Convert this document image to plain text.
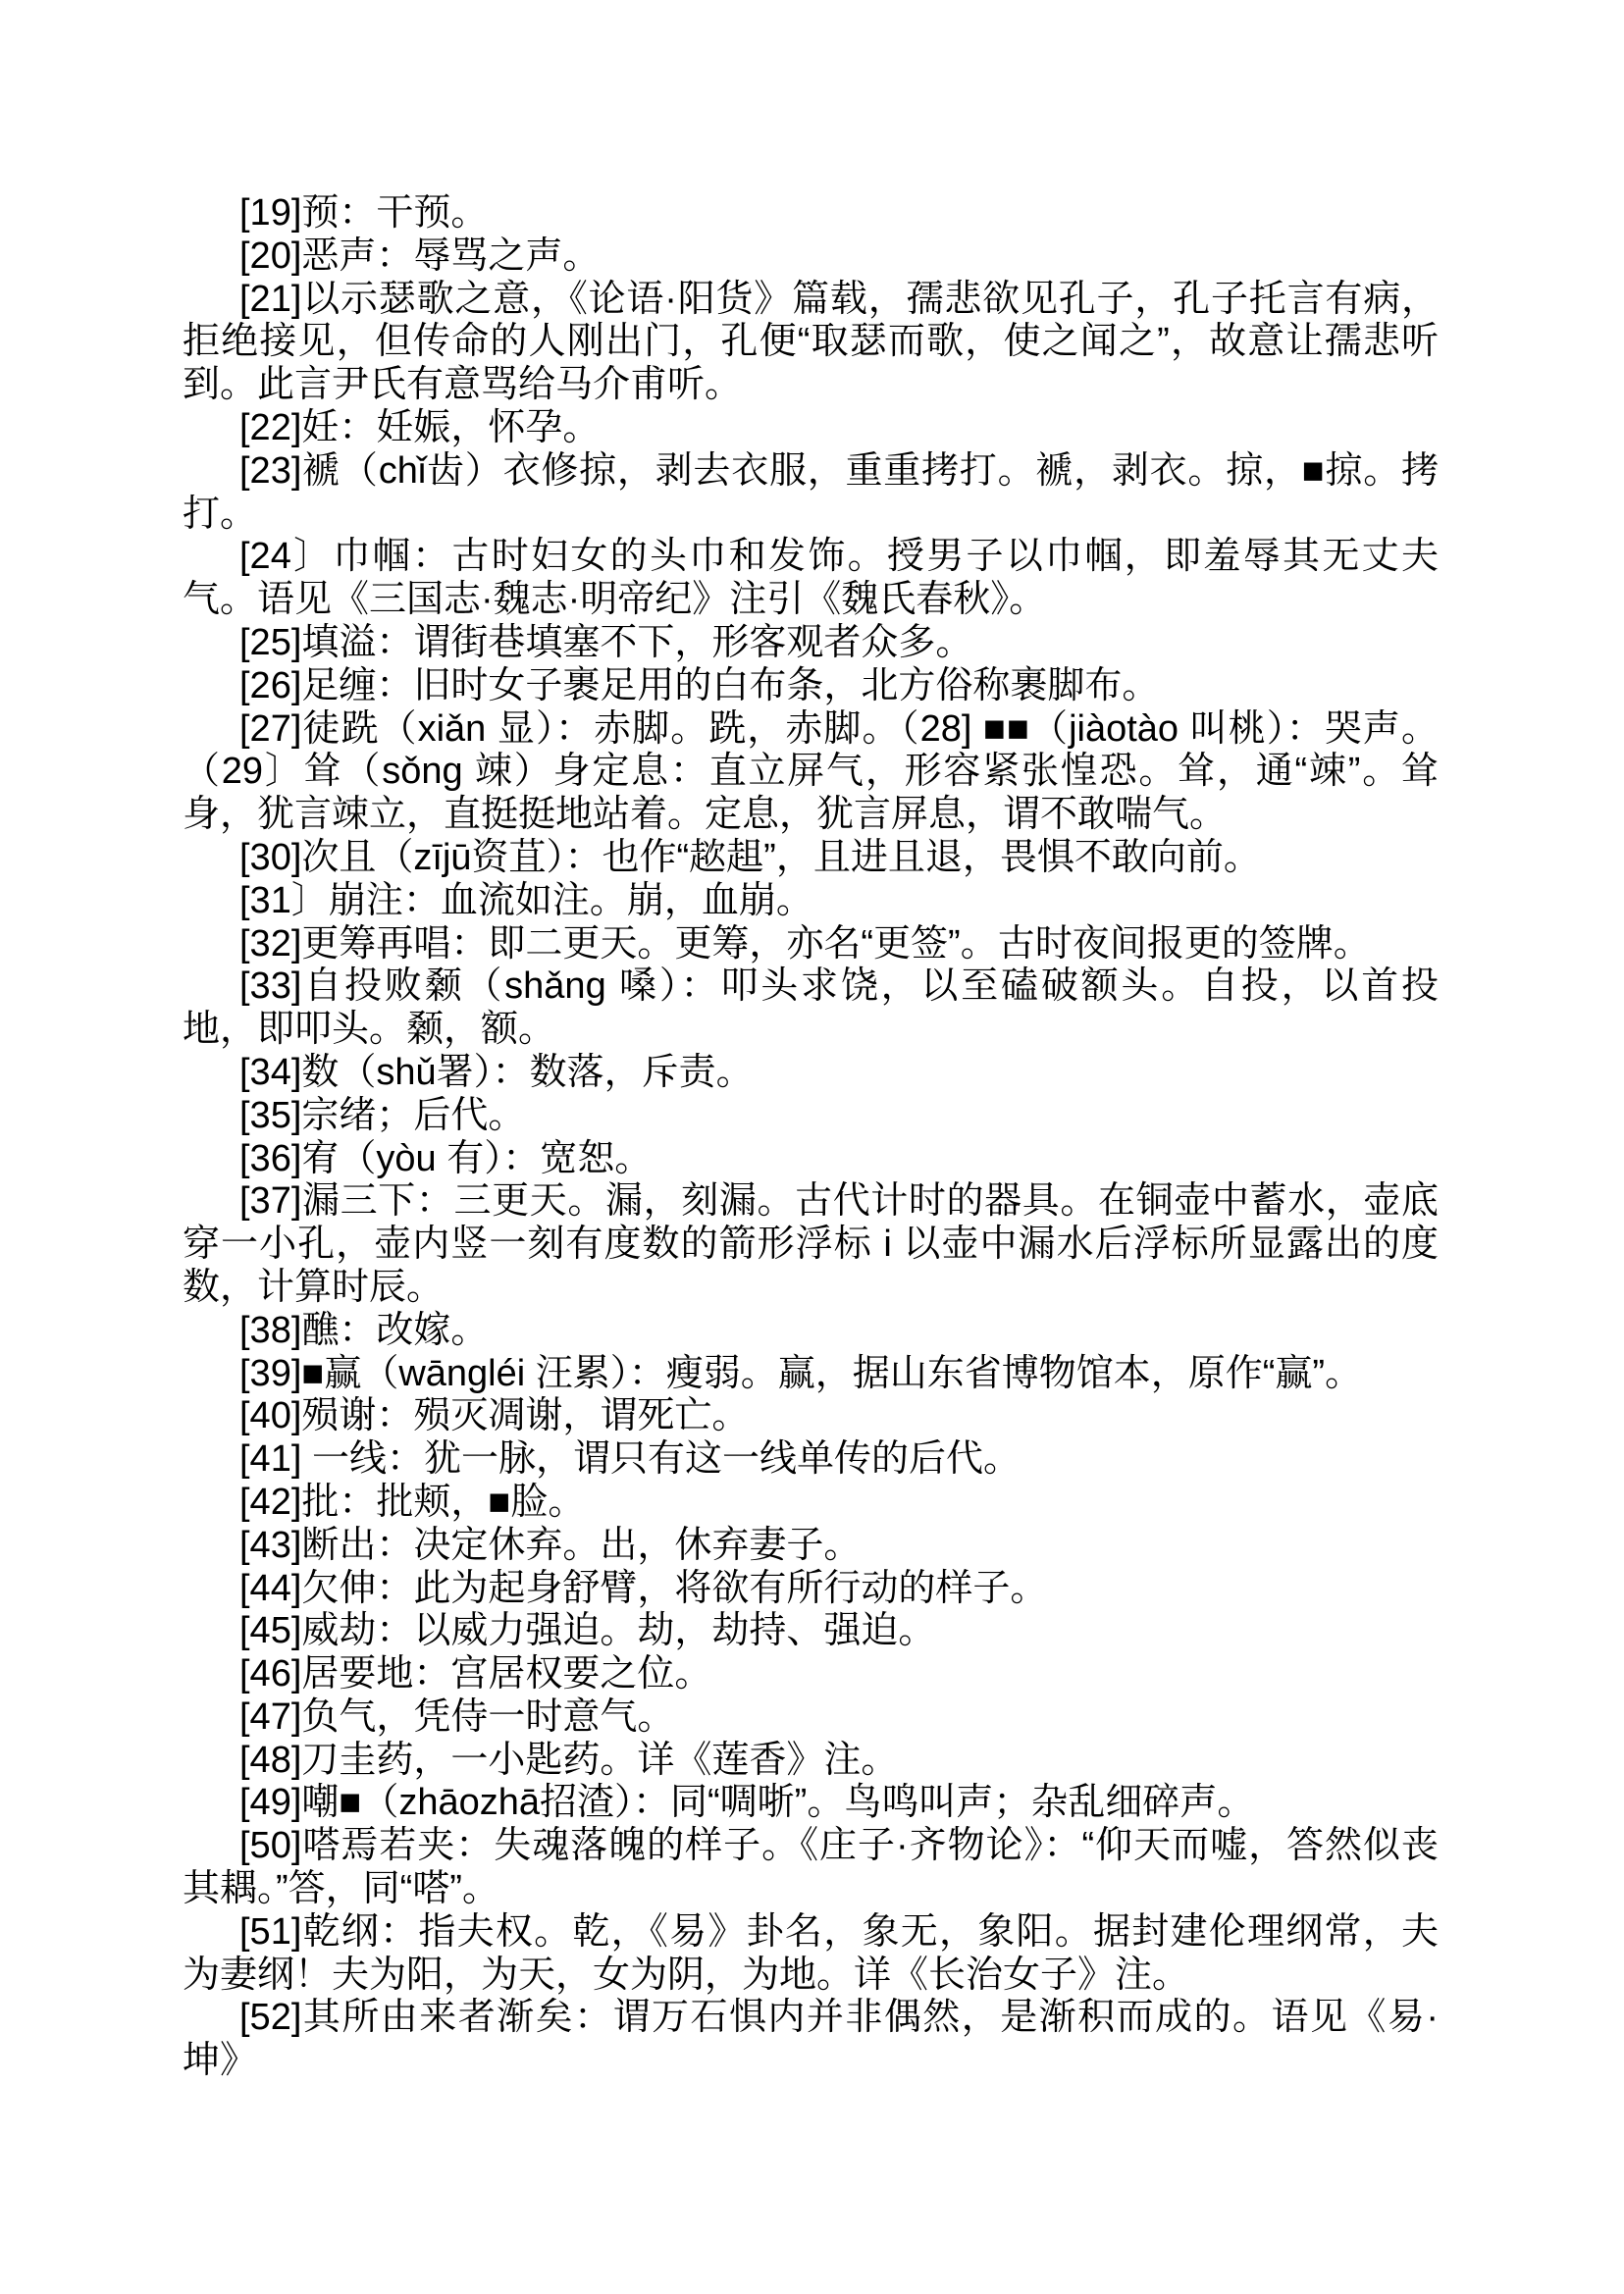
[19]预：干预。

[20]恶声：辱骂之声。

[21]以示瑟歌之意，《论语·阳货》篇载，孺悲欲见孔子，孔子托言有病，拒绝接见，但传命的人刚出门，孔便“取瑟而歌，使之闻之”，故意让孺悲听到。此言尹氏有意骂给马介甫听。

[22]妊：妊娠，怀孕。

[23]褫（chǐ齿）衣修掠，剥去衣服，重重拷打。褫，剥衣。掠，■掠。拷打。

[24〕巾帼：古时妇女的头巾和发饰。授男子以巾帼，即羞辱其无丈夫气。语见《三国志·魏志·明帝纪》注引《魏氏春秋》。

[25]填溢：谓街巷填塞不下，形客观者众多。

[26]足缠：旧时女子裹足用的白布条，北方俗称裹脚布。

[27]徒跣（xiǎn 显）：赤脚。跣，赤脚。（28] ■■（jiàotào 叫桃）：哭声。（29〕耸（sǒng 竦）身定息：直立屏气，形容紧张惶恐。耸，通“竦”。耸身，犹言竦立，直挺挺地站着。定息，犹言屏息，谓不敢喘气。

[30]次且（zījū资苴）：也作“趑趄”，且进且退，畏惧不敢向前。

[31〕崩注：血流如注。崩，血崩。

[32]更筹再唱：即二更天。更筹，亦名“更签”。古时夜间报更的签牌。

[33]自投败颡（shǎng 嗓）：叩头求饶，以至磕破额头。自投，以首投地，即叩头。颡，额。

[34]数（shǔ署）：数落，斥责。

[35]宗绪；后代。

[36]宥（yòu 有）：宽恕。

[37]漏三下：三更天。漏，刻漏。古代计时的器具。在铜壶中蓄水，壶底穿一小孔，壶内竖一刻有度数的箭形浮标 i 以壶中漏水后浮标所显露出的度数，计算时辰。

[38]醮：改嫁。

[39]■赢（wāngléi 汪累）：瘦弱。赢，据山东省博物馆本，原作“赢”。

[40]殒谢：殒灭凋谢，谓死亡。

[41] 一线：犹一脉，谓只有这一线单传的后代。

[42]批：批颊，■脸。

[43]断出：决定休弃。出，休弃妻子。

[44]欠伸：此为起身舒臂，将欲有所行动的样子。

[45]威劫：以威力强迫。劫，劫持、强迫。

[46]居要地：宫居权要之位。

[47]负气，凭侍一时意气。

[48]刀圭药，一小匙药。详《莲香》注。

[49]嘲■（zhāozhā招渣）：同“啁哳”。鸟鸣叫声；杂乱细碎声。

[50]嗒焉若夹：失魂落魄的样子。《庄子·齐物论》：“仰天而嘘，答然似丧其耦。”答，同“嗒”。

[51]乾纲：指夫权。乾，《易》卦名，象无，象阳。据封建伦理纲常，夫为妻纲！夫为阳，为天，女为阴，为地。详《长治女子》注。

[52]其所由来者渐矣：谓万石惧内并非偶然，是渐积而成的。语见《易·坤》
